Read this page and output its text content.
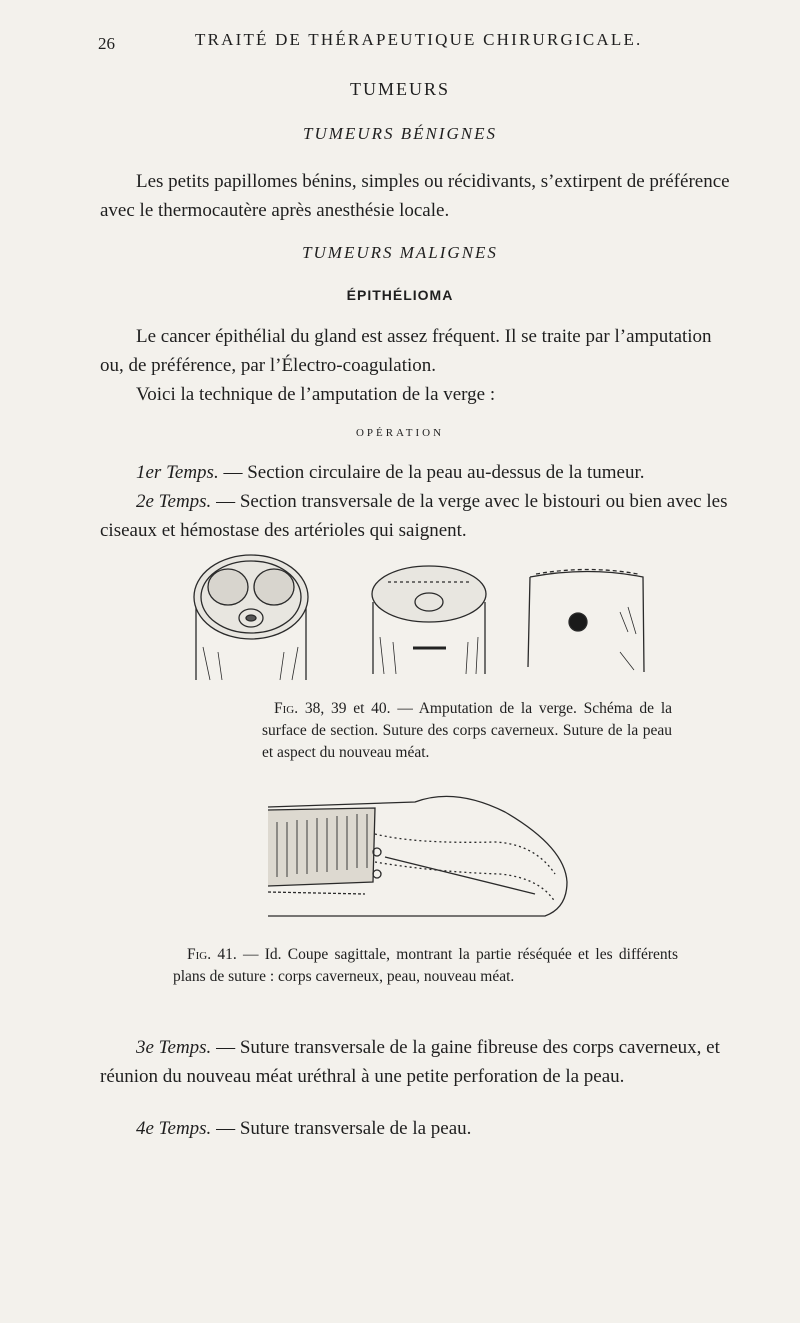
26	TRAITÉ DE THÉRAPEUTIQUE CHIRURGICALE.
TUMEURS
TUMEURS BÉNIGNES

Les petits papillomes bénins, simples ou récidivants, s’extirpent de préférence avec le thermocautère après anesthésie locale.

TUMEURS MALIGNES
ÉPITHÉLIOMA

Le cancer épithélial du gland est assez fréquent. Il se traite par l’amputation ou, de préférence, par l’Électro-coagulation.

Voici la technique de l’amputation de la verge :

OPÉRATION

1er Temps. — Section circulaire de la peau au-dessus de la tumeur.

2e Temps. — Section transversale de la verge avec le bistouri ou bien avec les ciseaux et hémostase des artérioles qui saignent.

Fig. 38, 39 et 40. — Amputation de la verge. Schéma de la surface de section. Suture des corps caverneux. Suture de la peau et aspect du nouveau méat.

Fig. 41. — Id. Coupe sagittale, montrant la partie réséquée et les différents plans de suture : corps caverneux, peau, nouveau méat.

3e Temps. — Suture transversale de la gaine fibreuse des corps caverneux, et réunion du nouveau méat uréthral à une petite perforation de la peau.

4e Temps. — Suture transversale de la peau.
